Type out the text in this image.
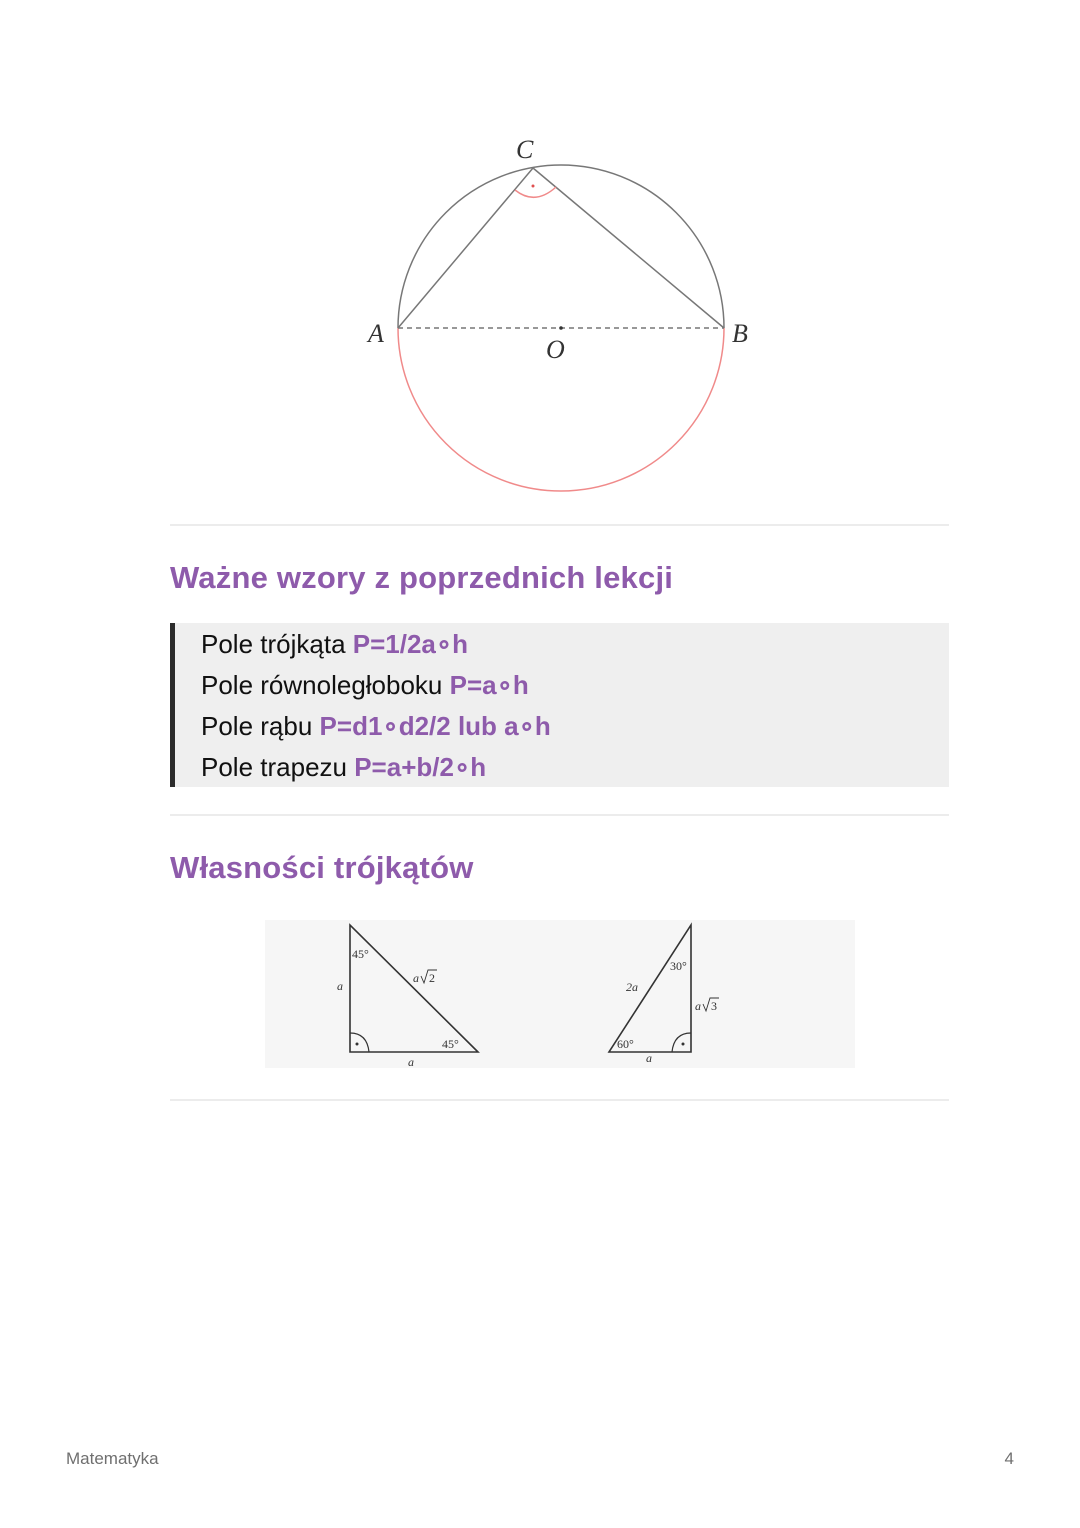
C
A	B
O
Ważne wzory z poprzednich lekcji
Pole trójkąta P=1/2a∘h
Pole równoległoboku P=a∘h
Pole rąbu P=d1∘d2/2 lub a∘h
Pole trapezu P=a+b/2∘h
Własności trójkątów
45°
45°
a
a
a 2
30°
60°
2a
a
a 3
Matematyka	4
